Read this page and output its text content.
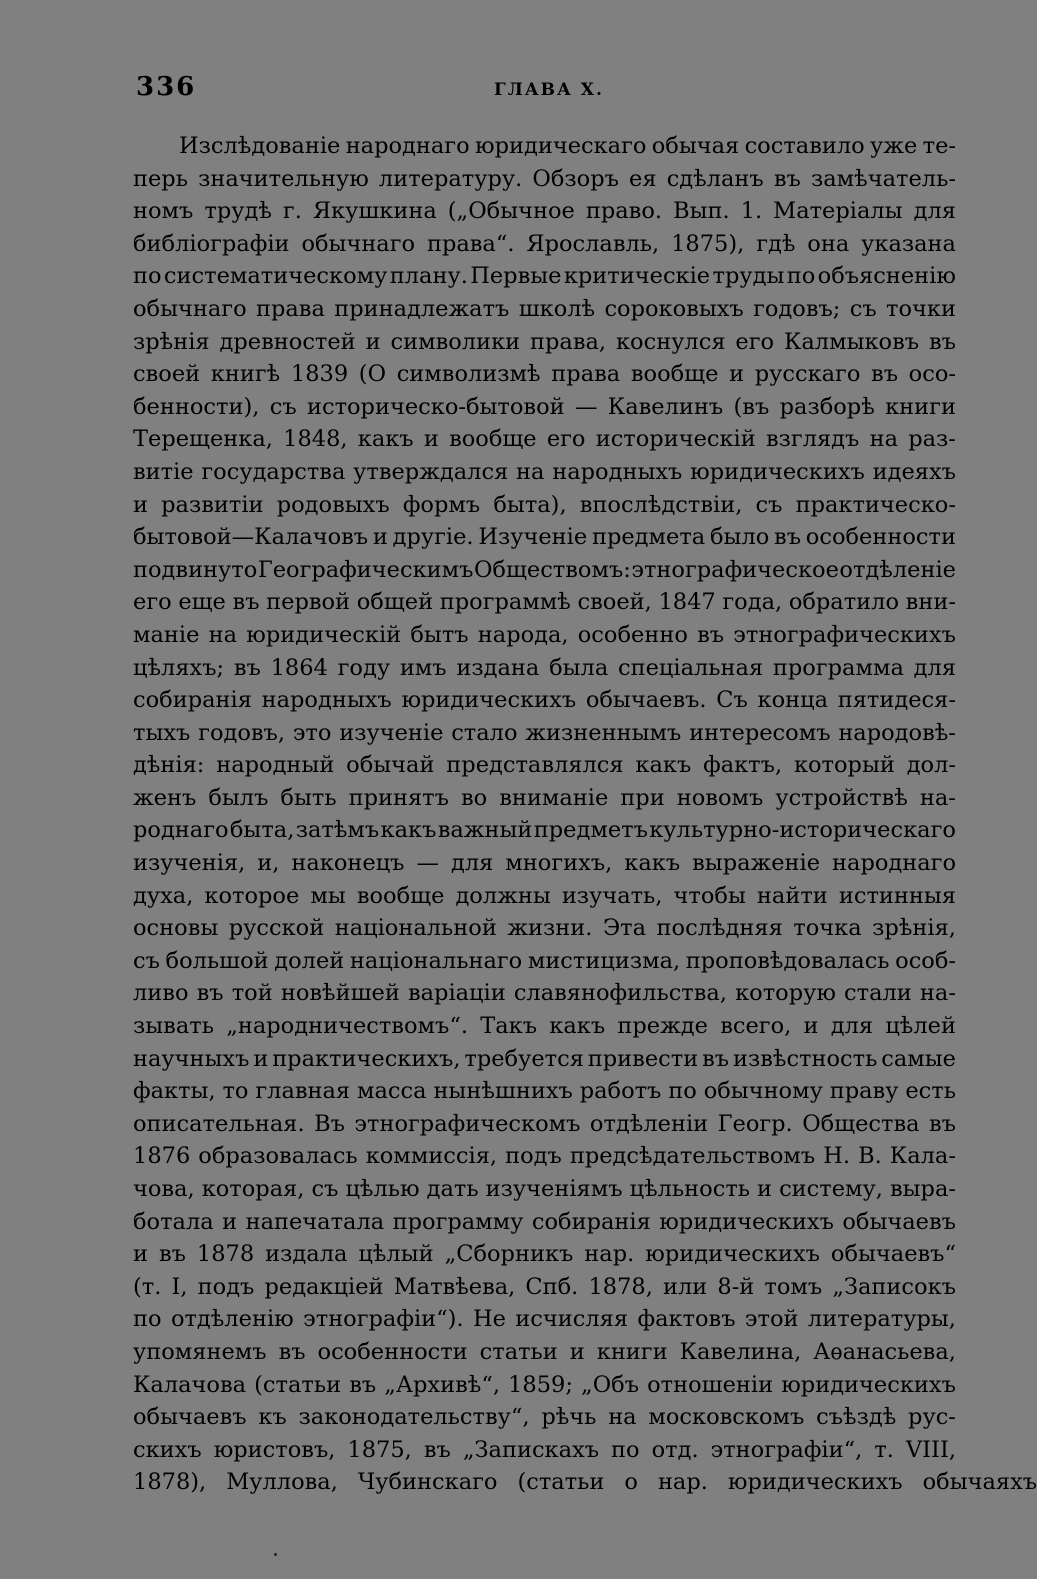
336	ГЛАВА X.
Изслѣдованіе народнаго юридическаго обычая составило уже те-
перь значительную литературу. Обзоръ ея сдѣланъ въ замѣчатель-
номъ трудѣ г. Якушкина („Обычное право. Вып. 1. Матеріалы для
библіографіи обычнаго права“. Ярославль, 1875), гдѣ она указана
по систематическому плану. Первые критическіе труды по объясненію
обычнаго права принадлежатъ школѣ сороковыхъ годовъ; съ точки
зрѣнія древностей и символики права, коснулся его Калмыковъ въ
своей книгѣ 1839 (О символизмѣ права вообще и русскаго въ осо-
бенности), съ историческо-бытовой — Кавелинъ (въ разборѣ книги
Терещенка, 1848, какъ и вообще его историческій взглядъ на раз-
витіе государства утверждался на народныхъ юридическихъ идеяхъ
и развитіи родовыхъ формъ быта), впослѣдствіи, съ практическо-
бытовой—Калачовъ и другіе. Изученіе предмета было въ особенности
подвинуто Географическимъ Обществомъ: этнографическое отдѣленіе
его еще въ первой общей программѣ своей, 1847 года, обратило вни-
маніе на юридическій бытъ народа, особенно въ этнографическихъ
цѣляхъ; въ 1864 году имъ издана была спеціальная программа для
собиранія народныхъ юридическихъ обычаевъ. Съ конца пятидеся-
тыхъ годовъ, это изученіе стало жизненнымъ интересомъ народовѣ-
дѣнія: народный обычай представлялся какъ фактъ, который дол-
женъ былъ быть принятъ во вниманіе при новомъ устройствѣ на-
роднаго быта, затѣмъ какъ важный предметъ культурно-историческаго
изученія, и, наконецъ — для многихъ, какъ выраженіе народнаго
духа, которое мы вообще должны изучать, чтобы найти истинныя
основы русской національной жизни. Эта послѣдняя точка зрѣнія,
съ большой долей національнаго мистицизма, проповѣдовалась особ-
ливо въ той новѣйшей варіаціи славянофильства, которую стали на-
зывать „народничествомъ“. Такъ какъ прежде всего, и для цѣлей
научныхъ и практическихъ, требуется привести въ извѣстность самые
факты, то главная масса нынѣшнихъ работъ по обычному праву есть
описательная. Въ этнографическомъ отдѣленіи Геогр. Общества въ
1876 образовалась коммиссія, подъ предсѣдательствомъ Н. В. Кала-
чова, которая, съ цѣлью дать изученіямъ цѣльность и систему, выра-
ботала и напечатала программу собиранія юридическихъ обычаевъ
и въ 1878 издала цѣлый „Сборникъ нар. юридическихъ обычаевъ“
(т. I, подъ редакціей Матвѣева, Спб. 1878, или 8-й томъ „Записокъ
по отдѣленію этнографіи“). Не исчисляя фактовъ этой литературы,
упомянемъ въ особенности статьи и книги Кавелина, Аѳанасьева,
Калачова (статьи въ „Архивѣ“, 1859; „Объ отношеніи юридическихъ
обычаевъ къ законодательству“, рѣчь на московскомъ съѣздѣ рус-
скихъ юристовъ, 1875, въ „Запискахъ по отд. этнографіи“, т. VIII,
1878), Муллова, Чубинскаго (статьи о нар. юридическихъ обычаяхъ
